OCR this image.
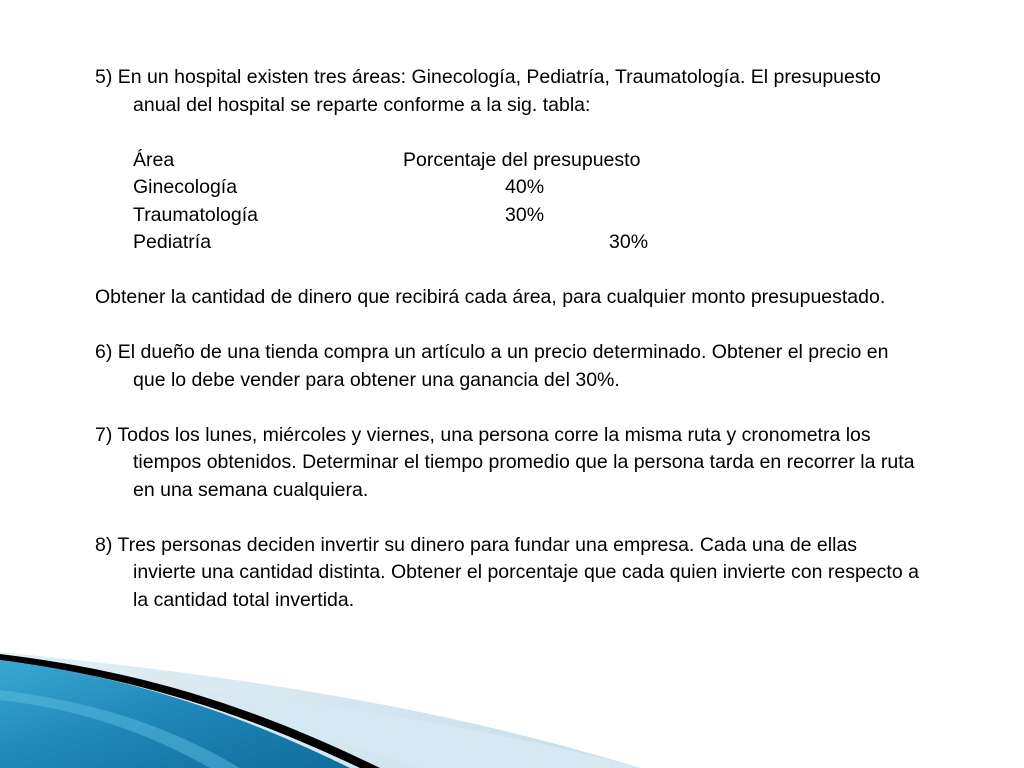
5) En un hospital existen tres áreas: Ginecología, Pediatría, Traumatología. El presupuesto anual del hospital se reparte conforme a la sig. tabla:

Área	Porcentaje del presupuesto
Ginecología	40%
Traumatología	30%
Pediatría	30%

Obtener la cantidad de dinero que recibirá cada área, para cualquier monto presupuestado.

6) El dueño de una tienda compra un artículo a un precio determinado. Obtener el precio en que lo debe vender para obtener una ganancia del 30%.

7) Todos los lunes, miércoles y viernes, una persona corre la misma ruta y cronometra los tiempos obtenidos. Determinar el tiempo promedio que la persona tarda en recorrer la ruta en una semana cualquiera.

8) Tres personas deciden invertir su dinero para fundar una empresa. Cada una de ellas invierte una cantidad distinta. Obtener el porcentaje que cada quien invierte con respecto a la cantidad total invertida.
